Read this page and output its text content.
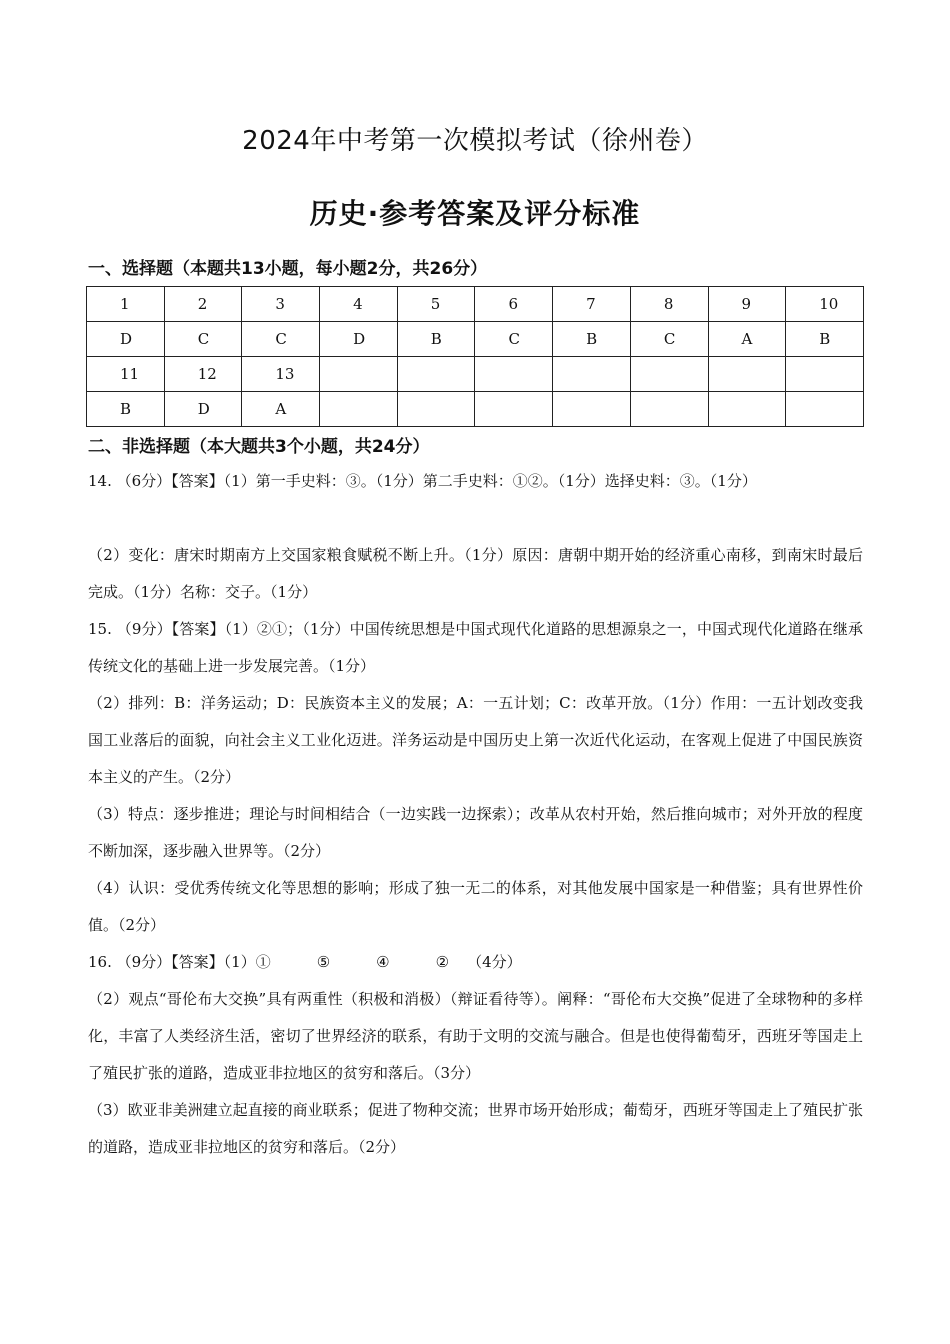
2024年中考第一次模拟考试（徐州卷）
历史·参考答案及评分标准
一、选择题（本题共13小题，每小题2分，共26分）
1	2	3	4	5	6	7	8	9	10
D	C	C	D	B	C	B	C	A	B
11	12	13							
B	D	A							
二、非选择题（本大题共3个小题，共24分）
14. （6分）【答案】（1）第一手史料：③。（1分）第二手史料：①②。（1分）选择史料：③。（1分）
（2）变化：唐宋时期南方上交国家粮食赋税不断上升。（1分）原因：唐朝中期开始的经济重心南移，到南宋时最后完成。（1分）名称：交子。（1分）
15. （9分）【答案】（1）②①；（1分）中国传统思想是中国式现代化道路的思想源泉之一，中国式现代化道路在继承传统文化的基础上进一步发展完善。（1分）
（2）排列：B：洋务运动；D：民族资本主义的发展；A：一五计划；C：改革开放。（1分）作用：一五计划改变我国工业落后的面貌，向社会主义工业化迈进。洋务运动是中国历史上第一次近代化运动，在客观上促进了中国民族资本主义的产生。（2分）
（3）特点：逐步推进；理论与时间相结合（一边实践一边探索）；改革从农村开始，然后推向城市；对外开放的程度不断加深，逐步融入世界等。（2分）
（4）认识：受优秀传统文化等思想的影响；形成了独一无二的体系，对其他发展中国家是一种借鉴；具有世界性价值。（2分）
16. （9分）【答案】（1）①	⑤	④	② （4分）
（2）观点“哥伦布大交换”具有两重性（积极和消极）（辩证看待等）。阐释：“哥伦布大交换”促进了全球物种的多样化，丰富了人类经济生活，密切了世界经济的联系，有助于文明的交流与融合。但是也使得葡萄牙，西班牙等国走上了殖民扩张的道路，造成亚非拉地区的贫穷和落后。（3分）
（3）欧亚非美洲建立起直接的商业联系；促进了物种交流；世界市场开始形成；葡萄牙，西班牙等国走上了殖民扩张的道路，造成亚非拉地区的贫穷和落后。（2分）
